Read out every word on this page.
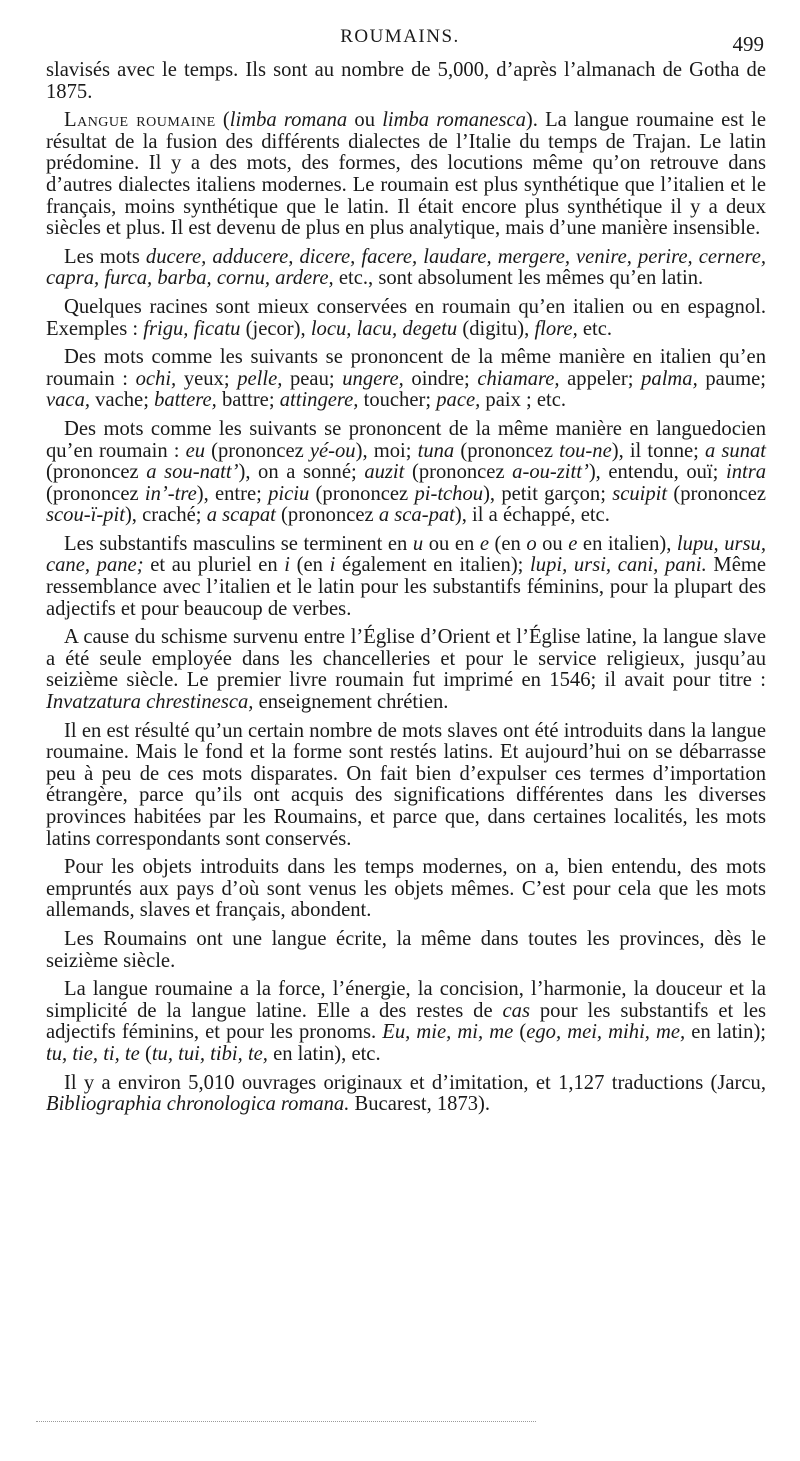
ROUMAINS.	499

slavisés avec le temps. Ils sont au nombre de 5,000, d’après l’almanach de Gotha de 1875.

Langue roumaine (limba romana ou limba romanesca). La langue roumaine est le résultat de la fusion des différents dialectes de l’Italie du temps de Trajan. Le latin prédomine. Il y a des mots, des formes, des locutions même qu’on retrouve dans d’autres dialectes italiens modernes. Le roumain est plus synthétique que l’italien et le français, moins synthétique que le latin. Il était encore plus synthétique il y a deux siècles et plus. Il est devenu de plus en plus analytique, mais d’une manière insensible.

Les mots ducere, adducere, dicere, facere, laudare, mergere, venire, perire, cernere, capra, furca, barba, cornu, ardere, etc., sont absolument les mêmes qu’en latin.

Quelques racines sont mieux conservées en roumain qu’en italien ou en espagnol. Exemples : frigu, ficatu (jecor), locu, lacu, degetu (digitu), flore, etc.

Des mots comme les suivants se prononcent de la même manière en italien qu’en roumain : ochi, yeux; pelle, peau; ungere, oindre; chiamare, appeler; palma, paume; vaca, vache; battere, battre; attingere, toucher; pace, paix ; etc.

Des mots comme les suivants se prononcent de la même manière en languedocien qu’en roumain : eu (prononcez yé-ou), moi; tuna (prononcez tou-ne), il tonne; a sunat (prononcez a sou-natt’), on a sonné; auzit (prononcez a-ou-zitt’), entendu, ouï; intra (prononcez in’-tre), entre; piciu (prononcez pi-tchou), petit garçon; scuipit (prononcez scou-ï-pit), craché; a scapat (prononcez a sca-pat), il a échappé, etc.

Les substantifs masculins se terminent en u ou en e (en o ou e en italien), lupu, ursu, cane, pane; et au pluriel en i (en i également en italien); lupi, ursi, cani, pani. Même ressemblance avec l’italien et le latin pour les substantifs féminins, pour la plupart des adjectifs et pour beaucoup de verbes.

A cause du schisme survenu entre l’Église d’Orient et l’Église latine, la langue slave a été seule employée dans les chancelleries et pour le service religieux, jusqu’au seizième siècle. Le premier livre roumain fut imprimé en 1546; il avait pour titre : Invatzatura chrestinesca, enseignement chrétien.

Il en est résulté qu’un certain nombre de mots slaves ont été introduits dans la langue roumaine. Mais le fond et la forme sont restés latins. Et aujourd’hui on se débarrasse peu à peu de ces mots disparates. On fait bien d’expulser ces termes d’importation étrangère, parce qu’ils ont acquis des significations différentes dans les diverses provinces habitées par les Roumains, et parce que, dans certaines localités, les mots latins correspondants sont conservés.

Pour les objets introduits dans les temps modernes, on a, bien entendu, des mots empruntés aux pays d’où sont venus les objets mêmes. C’est pour cela que les mots allemands, slaves et français, abondent.

Les Roumains ont une langue écrite, la même dans toutes les provinces, dès le seizième siècle.

La langue roumaine a la force, l’énergie, la concision, l’harmonie, la douceur et la simplicité de la langue latine. Elle a des restes de cas pour les substantifs et les adjectifs féminins, et pour les pronoms. Eu, mie, mi, me (ego, mei, mihi, me, en latin); tu, tie, ti, te (tu, tui, tibi, te, en latin), etc.

Il y a environ 5,010 ouvrages originaux et d’imitation, et 1,127 traductions (Jarcu, Bibliographia chronologica romana. Bucarest, 1873).
